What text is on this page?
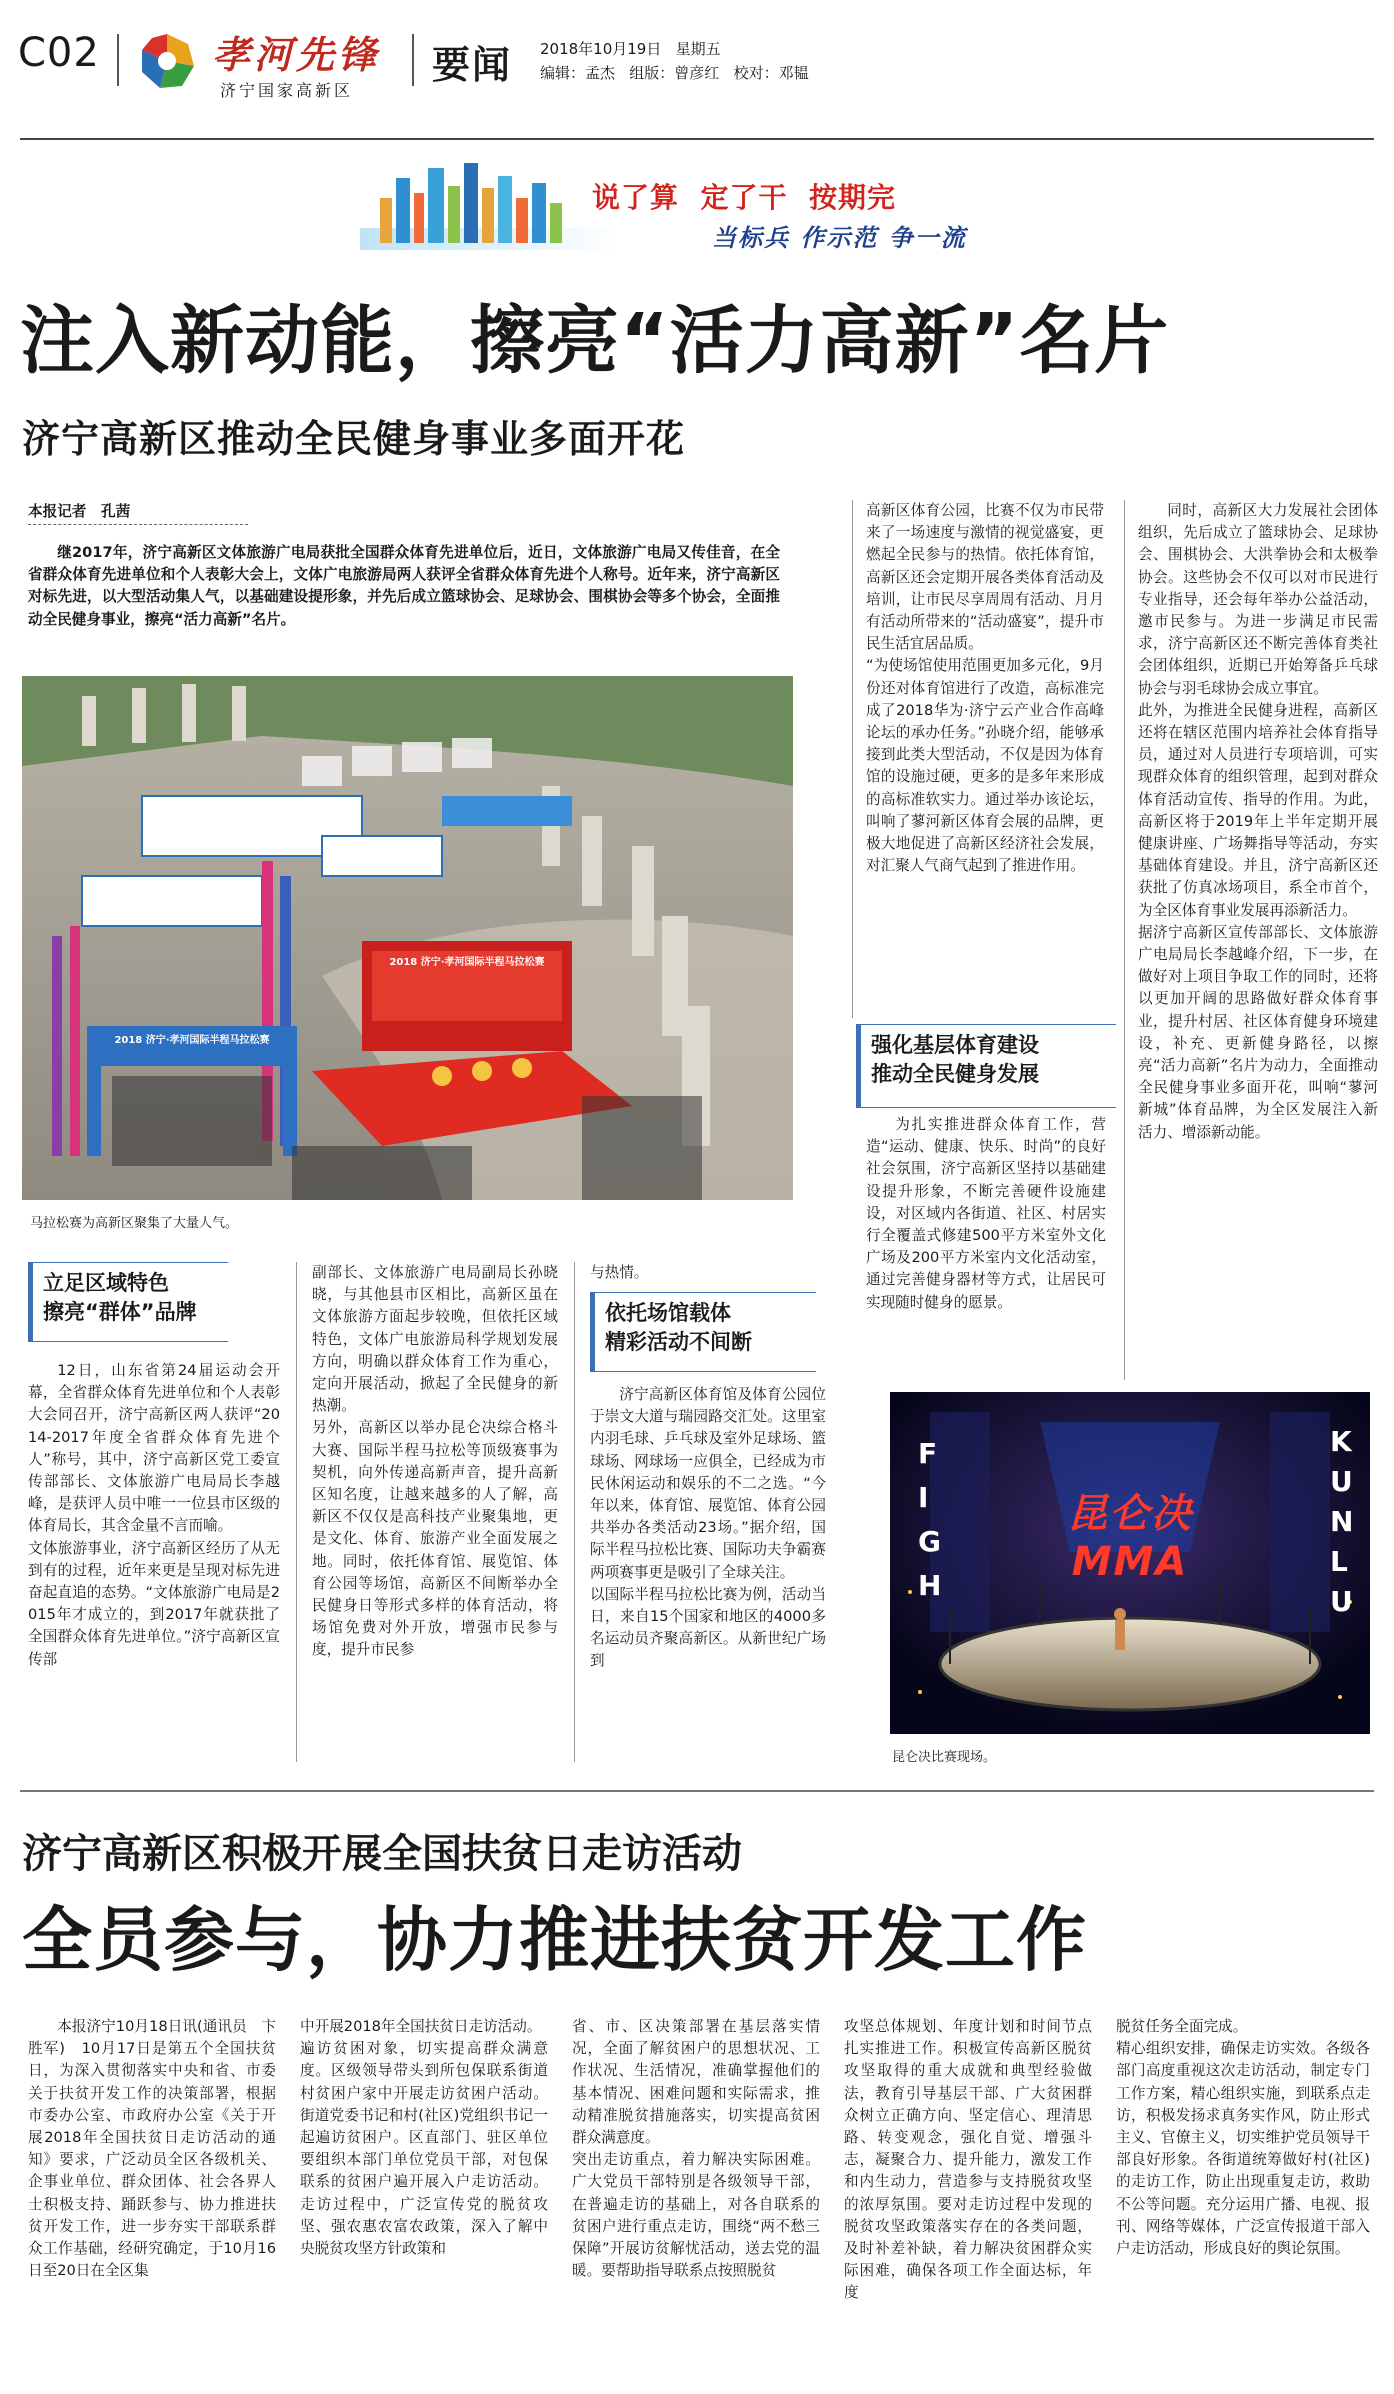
C02	孝河先锋
济宁国家高新区
要闻 2018年10月19日   星期五
编辑：孟杰   组版：曾彦红   校对：邓韫
说了算  定了干  按期完
当标兵 作示范 争一流
注入新动能，擦亮“活力高新”名片
济宁高新区推动全民健身事业多面开花
本报记者　孔茜

继2017年，济宁高新区文体旅游广电局获批全国群众体育先进单位后，近日，文体旅游广电局又传佳音，在全省群众体育先进单位和个人表彰大会上，文体广电旅游局两人获评全省群众体育先进个人称号。近年来，济宁高新区对标先进，以大型活动集人气，以基础建设提形象，并先后成立篮球协会、足球协会、围棋协会等多个协会，全面推动全民健身事业，擦亮“活力高新”名片。

2018 济宁·孝河国际半程马拉松赛
2018 济宁·孝河国际半程马拉松赛
马拉松赛为高新区聚集了大量人气。
立足区域特色
擦亮“群体”品牌
12日，山东省第24届运动会开幕，全省群众体育先进单位和个人表彰大会同召开，济宁高新区两人获评“2014-2017年度全省群众体育先进个人”称号，其中，济宁高新区党工委宣传部部长、文体旅游广电局局长李越峰，是获评人员中唯一一位县市区级的体育局长，其含金量不言而喻。
文体旅游事业，济宁高新区经历了从无到有的过程，近年来更是呈现对标先进奋起直追的态势。“文体旅游广电局是2015年才成立的，到2017年就获批了全国群众体育先进单位。”济宁高新区宣传部
副部长、文体旅游广电局副局长孙晓晓，与其他县市区相比，高新区虽在文体旅游方面起步较晚，但依托区域特色，文体广电旅游局科学规划发展方向，明确以群众体育工作为重心，定向开展活动，掀起了全民健身的新热潮。
另外，高新区以举办昆仑决综合格斗大赛、国际半程马拉松等顶级赛事为契机，向外传递高新声音，提升高新区知名度，让越来越多的人了解，高新区不仅仅是高科技产业聚集地，更是文化、体育、旅游产业全面发展之地。同时，依托体育馆、展览馆、体育公园等场馆，高新区不间断举办全民健身日等形式多样的体育活动，将场馆免费对外开放，增强市民参与度，提升市民参
与热情。
依托场馆载体
精彩活动不间断
济宁高新区体育馆及体育公园位于崇文大道与瑞园路交汇处。这里室内羽毛球、乒乓球及室外足球场、篮球场、网球场一应俱全，已经成为市民休闲运动和娱乐的不二之选。“今年以来，体育馆、展览馆、体育公园共举办各类活动23场。”据介绍，国际半程马拉松比赛、国际功夫争霸赛两项赛事更是吸引了全球关注。
以国际半程马拉松比赛为例，活动当日，来自15个国家和地区的4000多名运动员齐聚高新区。从新世纪广场到
高新区体育公园，比赛不仅为市民带来了一场速度与激情的视觉盛宴，更燃起全民参与的热情。依托体育馆，高新区还会定期开展各类体育活动及培训，让市民尽享周周有活动、月月有活动所带来的“活动盛宴”，提升市民生活宜居品质。
“为使场馆使用范围更加多元化，9月份还对体育馆进行了改造，高标准完成了2018华为·济宁云产业合作高峰论坛的承办任务。”孙晓介绍，能够承接到此类大型活动，不仅是因为体育馆的设施过硬，更多的是多年来形成的高标准软实力。通过举办该论坛，叫响了蓼河新区体育会展的品牌，更极大地促进了高新区经济社会发展，对汇聚人气商气起到了推进作用。
强化基层体育建设
推动全民健身发展
为扎实推进群众体育工作，营造“运动、健康、快乐、时尚”的良好社会氛围，济宁高新区坚持以基础建设提升形象，不断完善硬件设施建设，对区域内各街道、社区、村居实行全覆盖式修建500平方米室外文化广场及200平方米室内文化活动室，通过完善健身器材等方式，让居民可实现随时健身的愿景。
同时，高新区大力发展社会团体组织，先后成立了篮球协会、足球协会、围棋协会、大洪拳协会和太极拳协会。这些协会不仅可以对市民进行专业指导，还会每年举办公益活动，邀市民参与。为进一步满足市民需求，济宁高新区还不断完善体育类社会团体组织，近期已开始筹备乒乓球协会与羽毛球协会成立事宜。
此外，为推进全民健身进程，高新区还将在辖区范围内培养社会体育指导员，通过对人员进行专项培训，可实现群众体育的组织管理，起到对群众体育活动宣传、指导的作用。为此，高新区将于2019年上半年定期开展健康讲座、广场舞指导等活动，夯实基础体育建设。并且，济宁高新区还获批了仿真冰场项目，系全市首个，为全区体育事业发展再添新活力。
据济宁高新区宣传部部长、文体旅游广电局局长李越峰介绍，下一步，在做好对上项目争取工作的同时，还将以更加开阔的思路做好群众体育事业，提升村居、社区体育健身环境建设，补充、更新健身路径，以擦亮“活力高新”名片为动力，全面推动全民健身事业多面开花，叫响“蓼河新城”体育品牌，为全区发展注入新活力、增添新动能。
昆仑决 MMA
F
I
G
H
K
U
N
L
U
昆仑决比赛现场。
济宁高新区积极开展全国扶贫日走访活动
全员参与，协力推进扶贫开发工作
本报济宁10月18日讯(通讯员　卞胜军)　10月17日是第五个全国扶贫日，为深入贯彻落实中央和省、市委关于扶贫开发工作的决策部署，根据市委办公室、市政府办公室《关于开展2018年全国扶贫日走访活动的通知》要求，广泛动员全区各级机关、企事业单位、群众团体、社会各界人士积极支持、踊跃参与、协力推进扶贫开发工作，进一步夯实干部联系群众工作基础，经研究确定，于10月16日至20日在全区集
中开展2018年全国扶贫日走访活动。
遍访贫困对象，切实提高群众满意度。区级领导带头到所包保联系街道村贫困户家中开展走访贫困户活动。街道党委书记和村(社区)党组织书记一起遍访贫困户。区直部门、驻区单位要组织本部门单位党员干部，对包保联系的贫困户遍开展入户走访活动。走访过程中，广泛宣传党的脱贫攻坚、强农惠农富农政策，深入了解中央脱贫攻坚方针政策和
省、市、区决策部署在基层落实情况，全面了解贫困户的思想状况、工作状况、生活情况，准确掌握他们的基本情况、困难问题和实际需求，推动精准脱贫措施落实，切实提高贫困群众满意度。
突出走访重点，着力解决实际困难。广大党员干部特别是各级领导干部，在普遍走访的基础上，对各自联系的贫困户进行重点走访，围绕“两不愁三保障”开展访贫解忧活动，送去党的温暖。要帮助指导联系点按照脱贫
攻坚总体规划、年度计划和时间节点扎实推进工作。积极宣传高新区脱贫攻坚取得的重大成就和典型经验做法，教育引导基层干部、广大贫困群众树立正确方向、坚定信心、理清思路、转变观念，强化自觉、增强斗志，凝聚合力、提升能力，激发工作和内生动力，营造参与支持脱贫攻坚的浓厚氛围。要对走访过程中发现的脱贫攻坚政策落实存在的各类问题，及时补差补缺，着力解决贫困群众实际困难，确保各项工作全面达标，年度
脱贫任务全面完成。
精心组织安排，确保走访实效。各级各部门高度重视这次走访活动，制定专门工作方案，精心组织实施，到联系点走访，积极发扬求真务实作风，防止形式主义、官僚主义，切实维护党员领导干部良好形象。各街道统筹做好村(社区)的走访工作，防止出现重复走访，救助不公等问题。充分运用广播、电视、报刊、网络等媒体，广泛宣传报道干部入户走访活动，形成良好的舆论氛围。
